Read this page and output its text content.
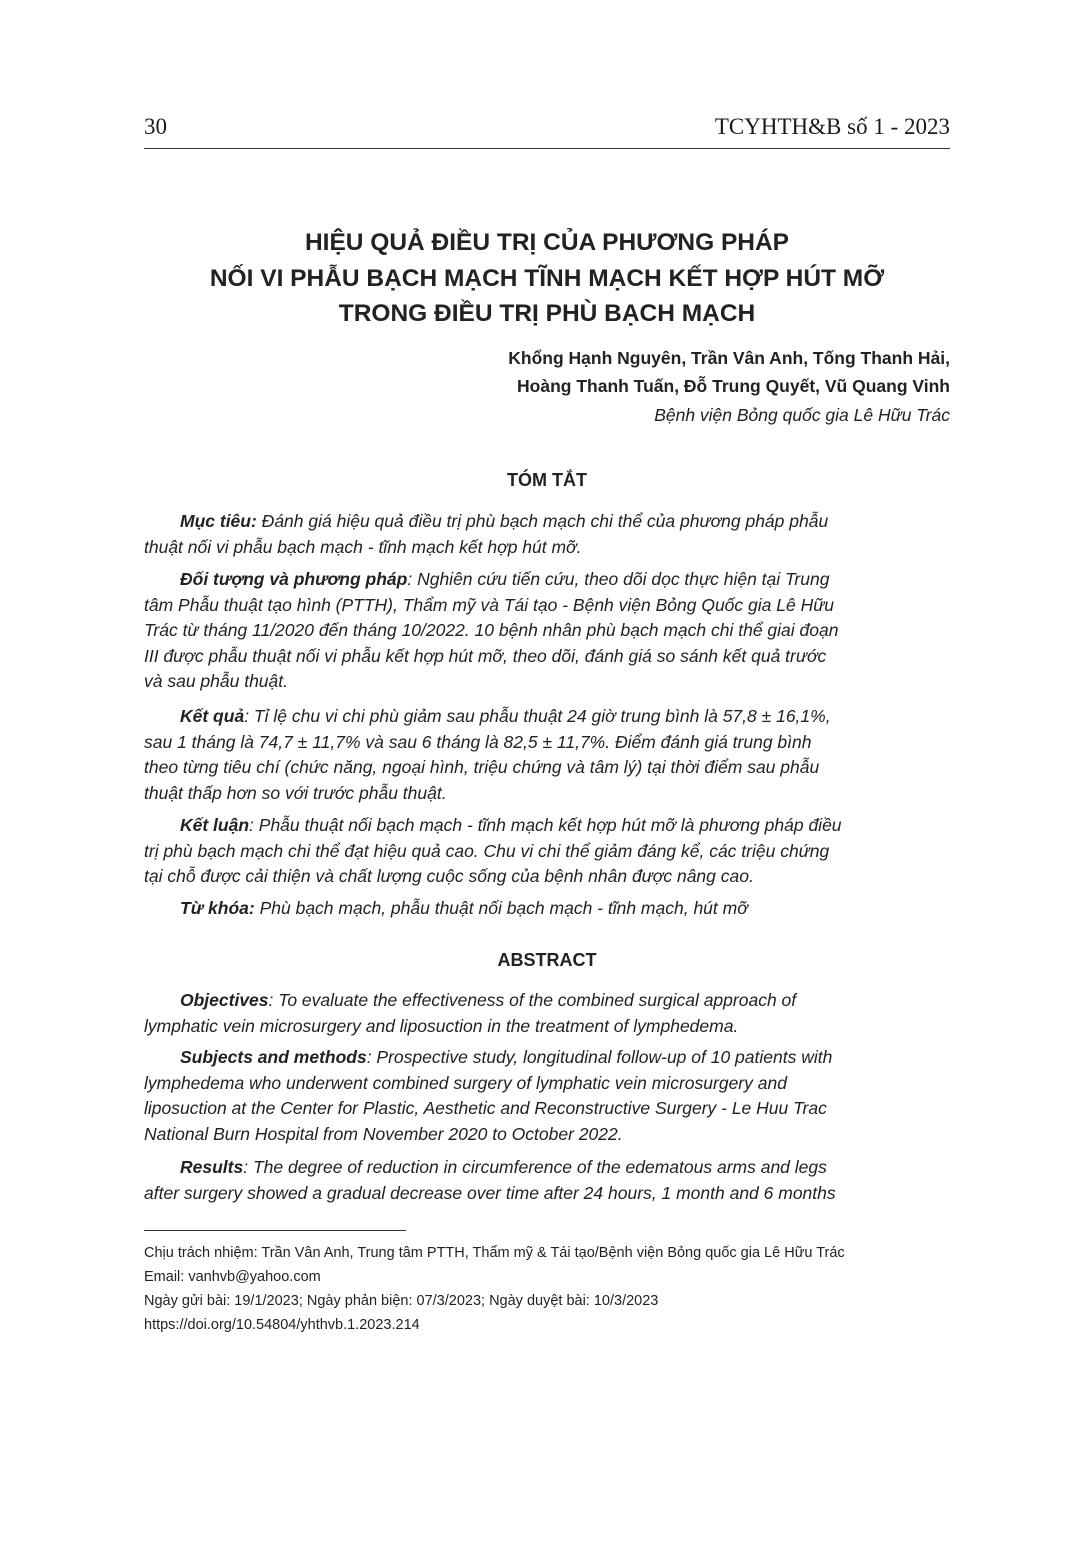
30	TCYHTH&B số 1 - 2023
HIỆU QUẢ ĐIỀU TRỊ CỦA PHƯƠNG PHÁP
NỐI VI PHẪU BẠCH MẠCH TĨNH MẠCH KẾT HỢP HÚT MỠ
TRONG ĐIỀU TRỊ PHÙ BẠCH MẠCH
Khổng Hạnh Nguyên, Trần Vân Anh, Tống Thanh Hải,
Hoàng Thanh Tuấn, Đỗ Trung Quyết, Vũ Quang Vinh
Bệnh viện Bỏng quốc gia Lê Hữu Trác
TÓM TẮT
Mục tiêu: Đánh giá hiệu quả điều trị phù bạch mạch chi thể của phương pháp phẫu
thuật nối vi phẫu bạch mạch - tĩnh mạch kết hợp hút mỡ.
Đối tượng và phương pháp: Nghiên cứu tiến cứu, theo dõi dọc thực hiện tại Trung
tâm Phẫu thuật tạo hình (PTTH), Thẩm mỹ và Tái tạo - Bệnh viện Bỏng Quốc gia Lê Hữu
Trác từ tháng 11/2020 đến tháng 10/2022. 10 bệnh nhân phù bạch mạch chi thể giai đoạn
III được phẫu thuật nối vi phẫu kết hợp hút mỡ, theo dõi, đánh giá so sánh kết quả trước
và sau phẫu thuật.
Kết quả: Tỉ lệ chu vi chi phù giảm sau phẫu thuật 24 giờ trung bình là 57,8 ± 16,1%,
sau 1 tháng là 74,7 ± 11,7% và sau 6 tháng là 82,5 ± 11,7%. Điểm đánh giá trung bình
theo từng tiêu chí (chức năng, ngoại hình, triệu chứng và tâm lý) tại thời điểm sau phẫu
thuật thấp hơn so với trước phẫu thuật.
Kết luận: Phẫu thuật nối bạch mạch - tĩnh mạch kết hợp hút mỡ là phương pháp điều
trị phù bạch mạch chi thể đạt hiệu quả cao. Chu vi chi thể giảm đáng kể, các triệu chứng
tại chỗ được cải thiện và chất lượng cuộc sống của bệnh nhân được nâng cao.
Từ khóa: Phù bạch mạch, phẫu thuật nối bạch mạch - tĩnh mạch, hút mỡ
ABSTRACT
Objectives: To evaluate the effectiveness of the combined surgical approach of
lymphatic vein microsurgery and liposuction in the treatment of lymphedema.
Subjects and methods: Prospective study, longitudinal follow-up of 10 patients with
lymphedema who underwent combined surgery of lymphatic vein microsurgery and
liposuction at the Center for Plastic, Aesthetic and Reconstructive Surgery - Le Huu Trac
National Burn Hospital from November 2020 to October 2022.
Results: The degree of reduction in circumference of the edematous arms and legs
after surgery showed a gradual decrease over time after 24 hours, 1 month and 6 months
Chịu trách nhiệm: Trần Vân Anh, Trung tâm PTTH, Thẩm mỹ & Tái tạo/Bệnh viện Bỏng quốc gia Lê Hữu Trác
Email: vanhvb@yahoo.com
Ngày gửi bài: 19/1/2023; Ngày phản biện: 07/3/2023; Ngày duyệt bài: 10/3/2023
https://doi.org/10.54804/yhthvb.1.2023.214
